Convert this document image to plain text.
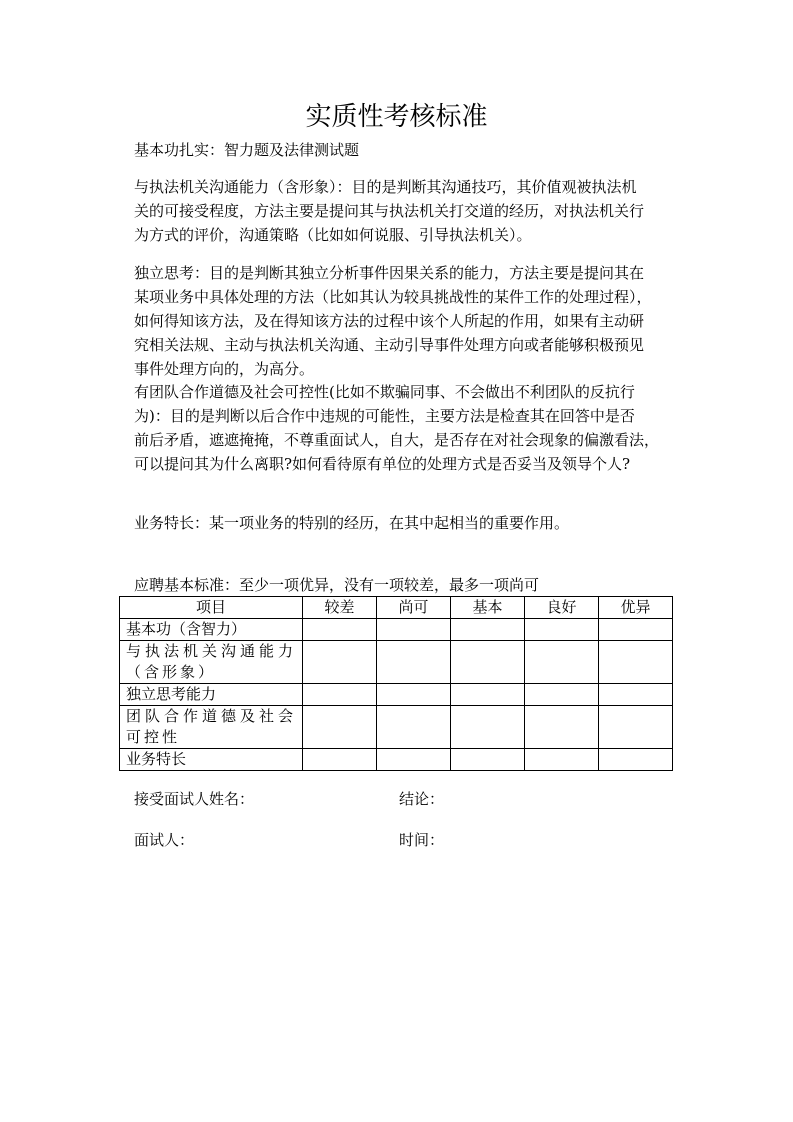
实质性考核标准
基本功扎实：智力题及法律测试题
与执法机关沟通能力（含形象）：目的是判断其沟通技巧，其价值观被执法机
关的可接受程度，方法主要是提问其与执法机关打交道的经历，对执法机关行
为方式的评价，沟通策略（比如如何说服、引导执法机关）。
独立思考：目的是判断其独立分析事件因果关系的能力，方法主要是提问其在
某项业务中具体处理的方法（比如其认为较具挑战性的某件工作的处理过程），
如何得知该方法，及在得知该方法的过程中该个人所起的作用，如果有主动研
究相关法规、主动与执法机关沟通、主动引导事件处理方向或者能够积极预见
事件处理方向的，为高分。
有团队合作道德及社会可控性(比如不欺骗同事、不会做出不利团队的反抗行
为)：目的是判断以后合作中违规的可能性，主要方法是检查其在回答中是否
前后矛盾，遮遮掩掩，不尊重面试人，自大，是否存在对社会现象的偏激看法，
可以提问其为什么离职?如何看待原有单位的处理方式是否妥当及领导个人?
业务特长：某一项业务的特别的经历，在其中起相当的重要作用。
应聘基本标准：至少一项优异，没有一项较差，最多一项尚可
项目	较差	尚可	基本	良好	优异
基本功（含智力）					
与执法机关沟通能力（含形象）					
独立思考能力					
团队合作道德及社会可控性					
业务特长					
接受面试人姓名：	结论：
面试人：	时间：
